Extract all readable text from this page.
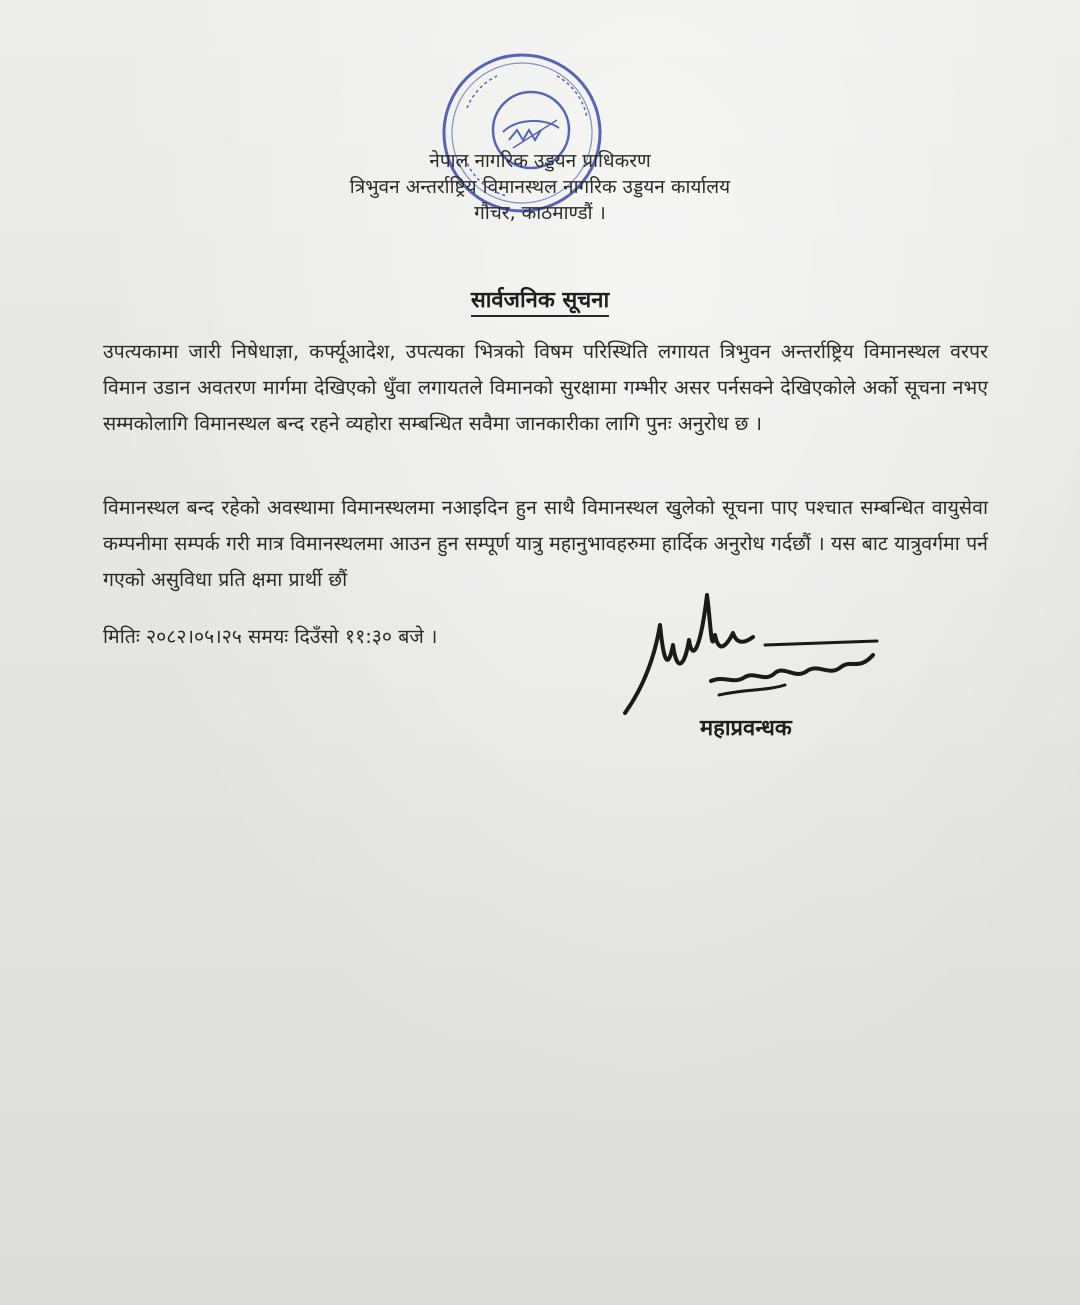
नेपाल नागरिक उड्डयन प्राधिकरण
त्रिभुवन अन्तर्राष्ट्रिय विमानस्थल नागरिक उड्डयन कार्यालय
गौचर, काठमाण्डौं ।
सार्वजनिक सूचना
उपत्यकामा जारी निषेधाज्ञा, कर्फ्यूआदेश, उपत्यका भित्रको विषम परिस्थिति लगायत त्रिभुवन अन्तर्राष्ट्रिय विमानस्थल वरपर विमान उडान अवतरण मार्गमा देखिएको धुँवा लगायतले विमानको सुरक्षामा गम्भीर असर पर्नसक्ने देखिएकोले अर्को सूचना नभए सम्मकोलागि विमानस्थल बन्द रहने व्यहोरा सम्बन्धित सवैमा जानकारीका लागि पुनः अनुरोध छ ।
विमानस्थल बन्द रहेको अवस्थामा विमानस्थलमा नआइदिन हुन साथै विमानस्थल खुलेको सूचना पाए पश्चात सम्बन्धित वायुसेवा कम्पनीमा सम्पर्क गरी मात्र विमानस्थलमा आउन हुन सम्पूर्ण यात्रु महानुभावहरुमा हार्दिक अनुरोध गर्दछौं । यस बाट यात्रुवर्गमा पर्न गएको असुविधा प्रति क्षमा प्रार्थी छौं
मितिः २०८२।०५।२५ समयः दिउँसो ११:३० बजे ।
महाप्रवन्धक
